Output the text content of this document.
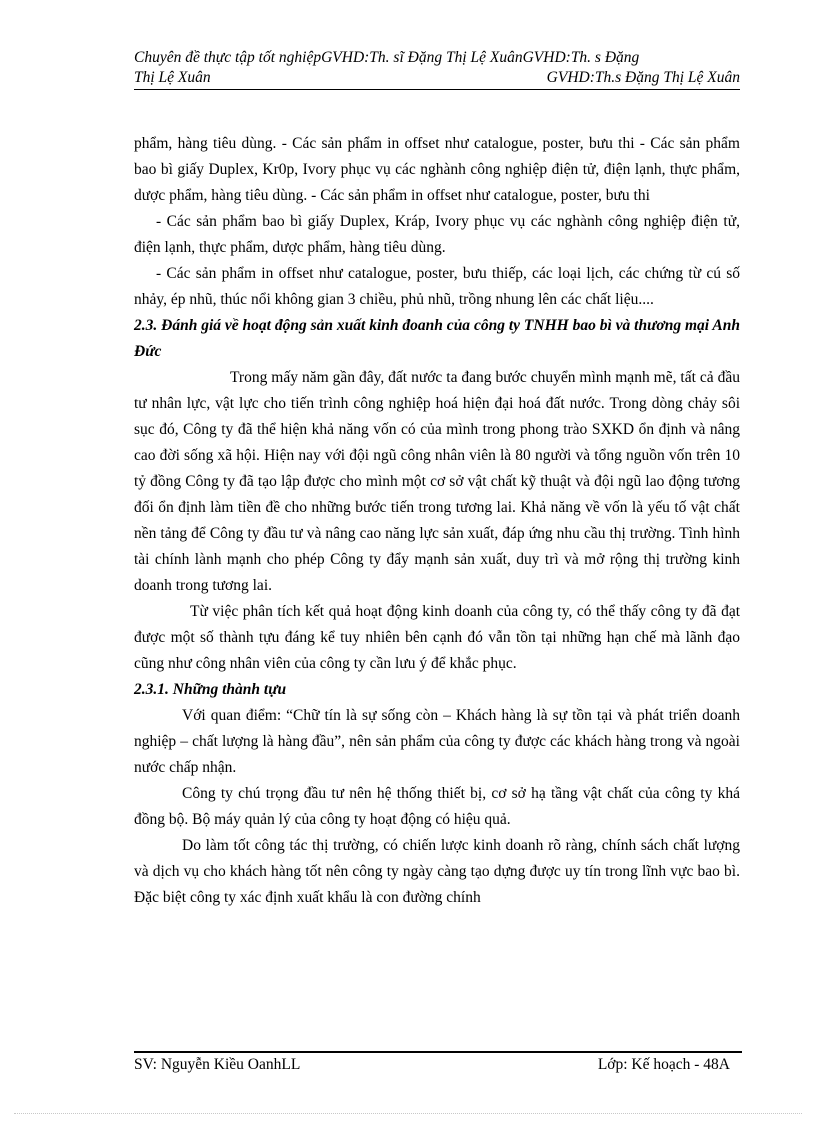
Chuyên đề thực tập tốt nghiệpGVHD:Th. sĩ Đặng Thị Lệ XuânGVHD:Th. s Đặng
Thị Lệ Xuân	GVHD:Th.s Đặng Thị Lệ Xuân

phẩm, hàng tiêu dùng. - Các sản phẩm in offset như catalogue, poster, bưu thi - Các sản phẩm bao bì giấy Duplex, Kr0p, Ivory phục vụ các nghành công nghiệp điện tử, điện lạnh, thực phẩm, dược phẩm, hàng tiêu dùng. - Các sản phẩm in offset như catalogue, poster, bưu thi

- Các sản phẩm bao bì giấy Duplex, Kráp, Ivory phục vụ các nghành công nghiệp điện tử, điện lạnh, thực phẩm, dược phẩm, hàng tiêu dùng.

- Các sản phẩm in offset như catalogue, poster, bưu thiếp, các loại lịch, các chứng từ cú số nhảy, ép nhũ, thúc nổi không gian 3 chiều, phủ nhũ, trồng nhung lên các chất liệu....

2.3. Đánh giá về hoạt động sản xuất kinh đoanh của công ty TNHH bao bì và thương mại Anh Đức

Trong mấy năm gần đây, đất nước ta đang bước chuyển mình mạnh mẽ, tất cả đầu tư nhân lực, vật lực cho tiến trình công nghiệp hoá hiện đại hoá đất nước. Trong dòng chảy sôi sục đó, Công ty đã thể hiện khả năng vốn có của mình trong phong trào SXKD ổn định và nâng cao đời sống xã hội. Hiện nay với đội ngũ công nhân viên là 80 người và tổng nguồn vốn trên 10 tỷ đồng Công ty đã tạo lập được cho mình một cơ sở vật chất kỹ thuật và đội ngũ lao động tương đối ổn định làm tiền đề cho những bước tiến trong tương lai. Khả năng về vốn là yếu tố vật chất nền tảng để Công ty đầu tư và nâng cao năng lực sản xuất, đáp ứng nhu cầu thị trường. Tình hình tài chính lành mạnh cho phép Công ty đẩy mạnh sản xuất, duy trì và mở rộng thị trường kinh doanh trong tương lai.

Từ việc phân tích kết quả hoạt động kinh doanh của công ty, có thể thấy công ty đã đạt được một số thành tựu đáng kể tuy nhiên bên cạnh đó vẫn tồn tại những hạn chế mà lãnh đạo cũng như công nhân viên của công ty cần lưu ý để khắc phục.

2.3.1. Những thành tựu

Với quan điểm: “Chữ tín là sự sống còn – Khách hàng là sự tồn tại và phát triển doanh nghiệp – chất lượng là hàng đầu”, nên sản phẩm của công ty được các khách hàng trong và ngoài nước chấp nhận.

Công ty chú trọng đầu tư nên hệ thống thiết bị, cơ sở hạ tầng vật chất của công ty khá đồng bộ. Bộ máy quản lý của công ty hoạt động có hiệu quả.

Do làm tốt công tác thị trường, có chiến lược kinh doanh rõ ràng, chính sách chất lượng và dịch vụ cho khách hàng tốt nên công ty ngày càng tạo dựng được uy tín trong lĩnh vực bao bì. Đặc biệt công ty xác định xuất khẩu là con đường chính

SV: Nguyễn Kiều OanhLL	Lớp: Kế hoạch - 48A
